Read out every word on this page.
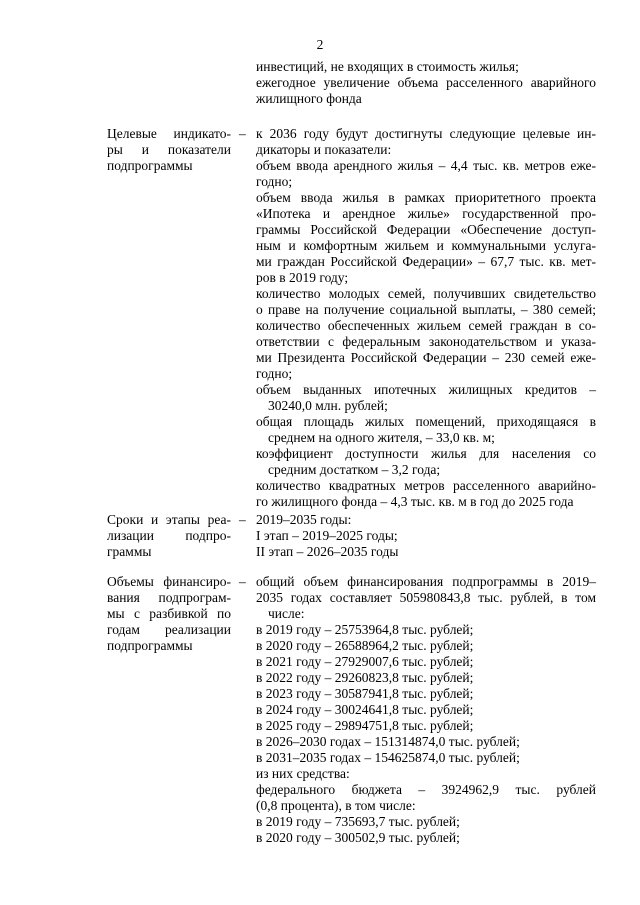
2
инвестиций, не входящих в стоимость жилья;
ежегодное увеличение объема расселенного аварийного
жилищного фонда
Целевые индикато-ры и показатели подпрограммы
– к 2036 году будут достигнуты следующие целевые ин-
дикаторы и показатели:
объем ввода арендного жилья – 4,4 тыс. кв. метров еже-
годно;
объем ввода жилья в рамках приоритетного проекта
«Ипотека и арендное жилье» государственной про-
граммы Российской Федерации «Обеспечение доступ-
ным и комфортным жильем и коммунальными услуга-
ми граждан Российской Федерации» – 67,7 тыс. кв. мет-
ров в 2019 году;
количество молодых семей, получивших свидетельство
о праве на получение социальной выплаты, – 380 семей;
количество обеспеченных жильем семей граждан в со-
ответствии с федеральным законодательством и указа-
ми Президента Российской Федерации – 230 семей еже-
годно;
объем выданных ипотечных жилищных кредитов –
30240,0 млн. рублей;
общая площадь жилых помещений, приходящаяся в
среднем на одного жителя, – 33,0 кв. м;
коэффициент доступности жилья для населения со
средним достатком – 3,2 года;
количество квадратных метров расселенного аварийно-
го жилищного фонда – 4,3 тыс. кв. м в год до 2025 года
Сроки и этапы реа-лизации подпро-граммы
– 2019–2035 годы:
I этап – 2019–2025 годы;
II этап – 2026–2035 годы
Объемы финансиро-вания подпрограм-мы с разбивкой по годам реализации подпрограммы
– общий объем финансирования подпрограммы в 2019–
2035 годах составляет 505980843,8 тыс. рублей, в том
числе:
в 2019 году – 25753964,8 тыс. рублей;
в 2020 году – 26588964,2 тыс. рублей;
в 2021 году – 27929007,6 тыс. рублей;
в 2022 году – 29260823,8 тыс. рублей;
в 2023 году – 30587941,8 тыс. рублей;
в 2024 году – 30024641,8 тыс. рублей;
в 2025 году – 29894751,8 тыс. рублей;
в 2026–2030 годах – 151314874,0 тыс. рублей;
в 2031–2035 годах – 154625874,0 тыс. рублей;
из них средства:
федерального бюджета – 3924962,9 тыс. рублей
(0,8 процента), в том числе:
в 2019 году – 735693,7 тыс. рублей;
в 2020 году – 300502,9 тыс. рублей;
